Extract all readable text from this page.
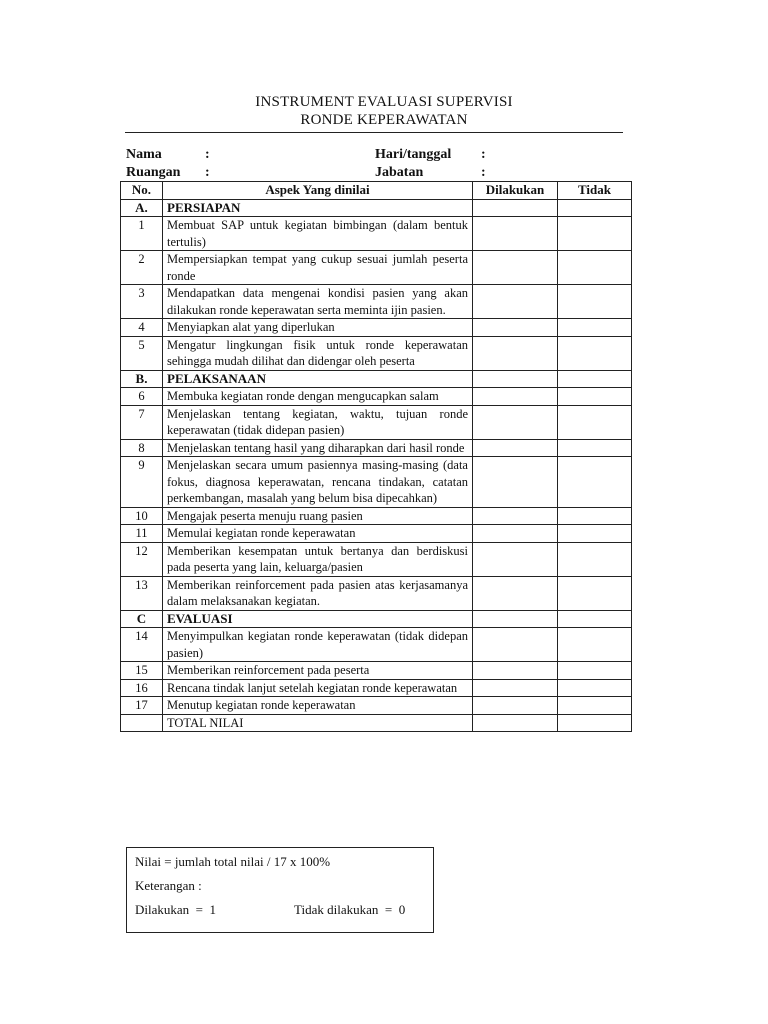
INSTRUMENT EVALUASI SUPERVISI
RONDE KEPERAWATAN
Nama	:	Hari/tanggal :
Ruangan :	Jabatan	:
No.	Aspek Yang dinilai	Dilakukan	Tidak
A.	PERSIAPAN		
1	Membuat SAP untuk kegiatan bimbingan (dalam bentuk tertulis)		
2	Mempersiapkan tempat yang cukup sesuai jumlah peserta ronde		
3	Mendapatkan data mengenai kondisi pasien yang akan dilakukan ronde keperawatan serta meminta ijin pasien.		
4	Menyiapkan alat yang diperlukan		
5	Mengatur lingkungan fisik untuk ronde keperawatan sehingga mudah dilihat dan didengar oleh peserta		
B.	PELAKSANAAN		
6	Membuka kegiatan ronde dengan mengucapkan salam		
7	Menjelaskan tentang kegiatan, waktu, tujuan ronde keperawatan (tidak didepan pasien)		
8	Menjelaskan tentang hasil yang diharapkan dari hasil ronde		
9	Menjelaskan secara umum pasiennya masing-masing (data fokus, diagnosa keperawatan, rencana tindakan, catatan perkembangan, masalah yang belum bisa dipecahkan)		
10	Mengajak peserta menuju ruang pasien		
11	Memulai kegiatan ronde keperawatan		
12	Memberikan kesempatan untuk bertanya dan berdiskusi pada peserta yang lain, keluarga/pasien		
13	Memberikan reinforcement pada pasien atas kerjasamanya dalam melaksanakan kegiatan.		
C	EVALUASI		
14	Menyimpulkan kegiatan ronde keperawatan (tidak didepan pasien)		
15	Memberikan reinforcement pada peserta		
16	Rencana tindak lanjut setelah kegiatan ronde keperawatan		
17	Menutup kegiatan ronde keperawatan		
	TOTAL NILAI		
Nilai = jumlah total nilai / 17 x 100%
Keterangan :
Dilakukan  =  1	Tidak dilakukan  =  0
